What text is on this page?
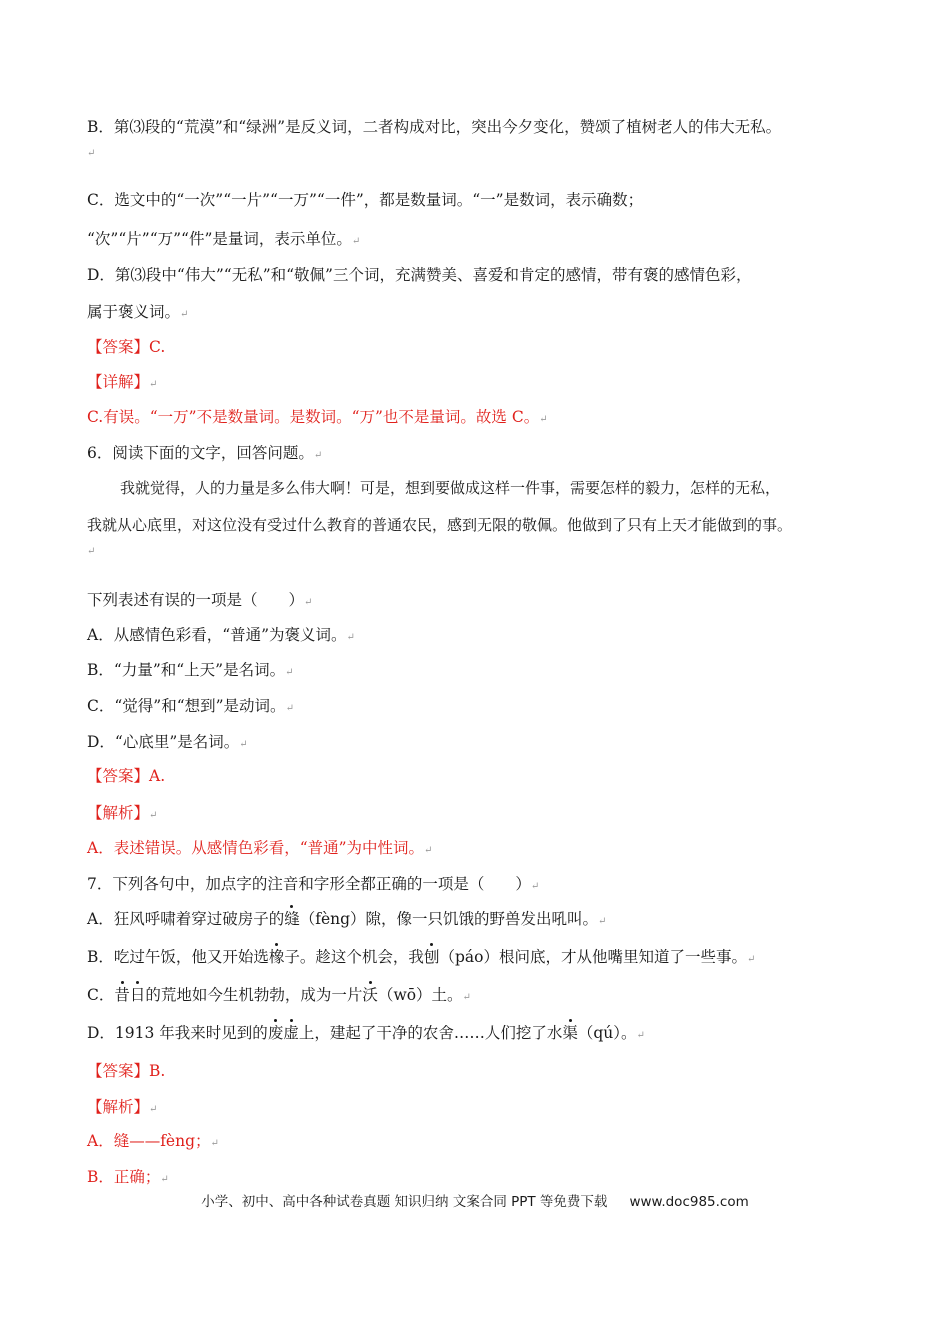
B．第⑶段的“荒漠”和“绿洲”是反义词，二者构成对比，突出今夕变化，赞颂了植树老人的伟大无私。
↵
C．选文中的“一次”“一片”“一万”“一件”，都是数量词。“一”是数词，表示确数；
“次”“片”“万”“件”是量词，表示单位。↵
D．第⑶段中“伟大”“无私”和“敬佩”三个词，充满赞美、喜爱和肯定的感情，带有褒的感情色彩，
属于褒义词。↵
【答案】C.
【详解】↵
C.有误。“一万”不是数量词。是数词。“万”也不是量词。故选 C。↵
6．阅读下面的文字，回答问题。↵
我就觉得，人的力量是多么伟大啊！可是，想到要做成这样一件事，需要怎样的毅力，怎样的无私，
我就从心底里，对这位没有受过什么教育的普通农民，感到无限的敬佩。他做到了只有上天才能做到的事。
↵
下列表述有误的一项是（　　）↵
A．从感情色彩看，“普通”为褒义词。↵
B．“力量”和“上天”是名词。↵
C．“觉得”和“想到”是动词。↵
D．“心底里”是名词。↵
【答案】A.
【解析】↵
A．表述错误。从感情色彩看，“普通”为中性词。↵
7．下列各句中，加点字的注音和字形全都正确的一项是（　　）↵
A．狂风呼啸着穿过破房子的缝（fèng）隙，像一只饥饿的野兽发出吼叫。↵
B．吃过午饭，他又开始选橡子。趁这个机会，我刨（páo）根问底，才从他嘴里知道了一些事。↵
C．昔日的荒地如今生机勃勃，成为一片沃（wō）土。↵
D．1913 年我来时见到的废虚上，建起了干净的农舍……人们挖了水渠（qú）。↵
【答案】B.
【解析】↵
A．缝——fèng；↵
B．正确；↵
小学、初中、高中各种试卷真题 知识归纳 文案合同 PPT 等免费下载 www.doc985.com
